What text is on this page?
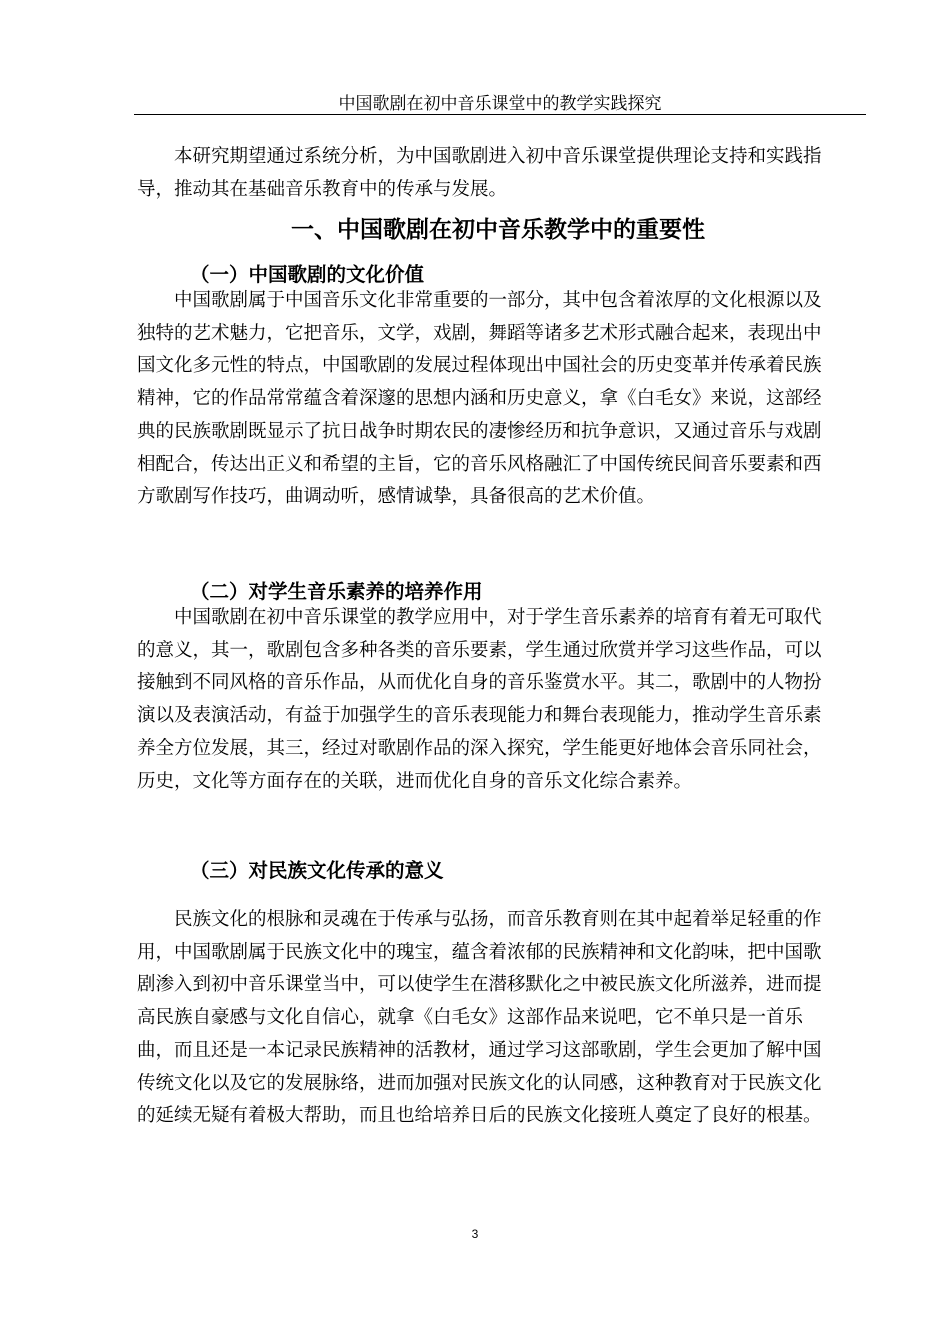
中国歌剧在初中音乐课堂中的教学实践探究
本研究期望通过系统分析，为中国歌剧进入初中音乐课堂提供理论支持和实践指
导，推动其在基础音乐教育中的传承与发展。
一、中国歌剧在初中音乐教学中的重要性
（一）中国歌剧的文化价值
中国歌剧属于中国音乐文化非常重要的一部分，其中包含着浓厚的文化根源以及
独特的艺术魅力，它把音乐，文学，戏剧，舞蹈等诸多艺术形式融合起来，表现出中
国文化多元性的特点，中国歌剧的发展过程体现出中国社会的历史变革并传承着民族
精神，它的作品常常蕴含着深邃的思想内涵和历史意义，拿《白毛女》来说，这部经
典的民族歌剧既显示了抗日战争时期农民的凄惨经历和抗争意识，又通过音乐与戏剧
相配合，传达出正义和希望的主旨，它的音乐风格融汇了中国传统民间音乐要素和西
方歌剧写作技巧，曲调动听，感情诚挚，具备很高的艺术价值。
（二）对学生音乐素养的培养作用
中国歌剧在初中音乐课堂的教学应用中，对于学生音乐素养的培育有着无可取代
的意义，其一，歌剧包含多种各类的音乐要素，学生通过欣赏并学习这些作品，可以
接触到不同风格的音乐作品，从而优化自身的音乐鉴赏水平。其二，歌剧中的人物扮
演以及表演活动，有益于加强学生的音乐表现能力和舞台表现能力，推动学生音乐素
养全方位发展，其三，经过对歌剧作品的深入探究，学生能更好地体会音乐同社会，
历史，文化等方面存在的关联，进而优化自身的音乐文化综合素养。
（三）对民族文化传承的意义
民族文化的根脉和灵魂在于传承与弘扬，而音乐教育则在其中起着举足轻重的作
用，中国歌剧属于民族文化中的瑰宝，蕴含着浓郁的民族精神和文化韵味，把中国歌
剧渗入到初中音乐课堂当中，可以使学生在潜移默化之中被民族文化所滋养，进而提
高民族自豪感与文化自信心，就拿《白毛女》这部作品来说吧，它不单只是一首乐
曲，而且还是一本记录民族精神的活教材，通过学习这部歌剧，学生会更加了解中国
传统文化以及它的发展脉络，进而加强对民族文化的认同感，这种教育对于民族文化
的延续无疑有着极大帮助，而且也给培养日后的民族文化接班人奠定了良好的根基。
3
